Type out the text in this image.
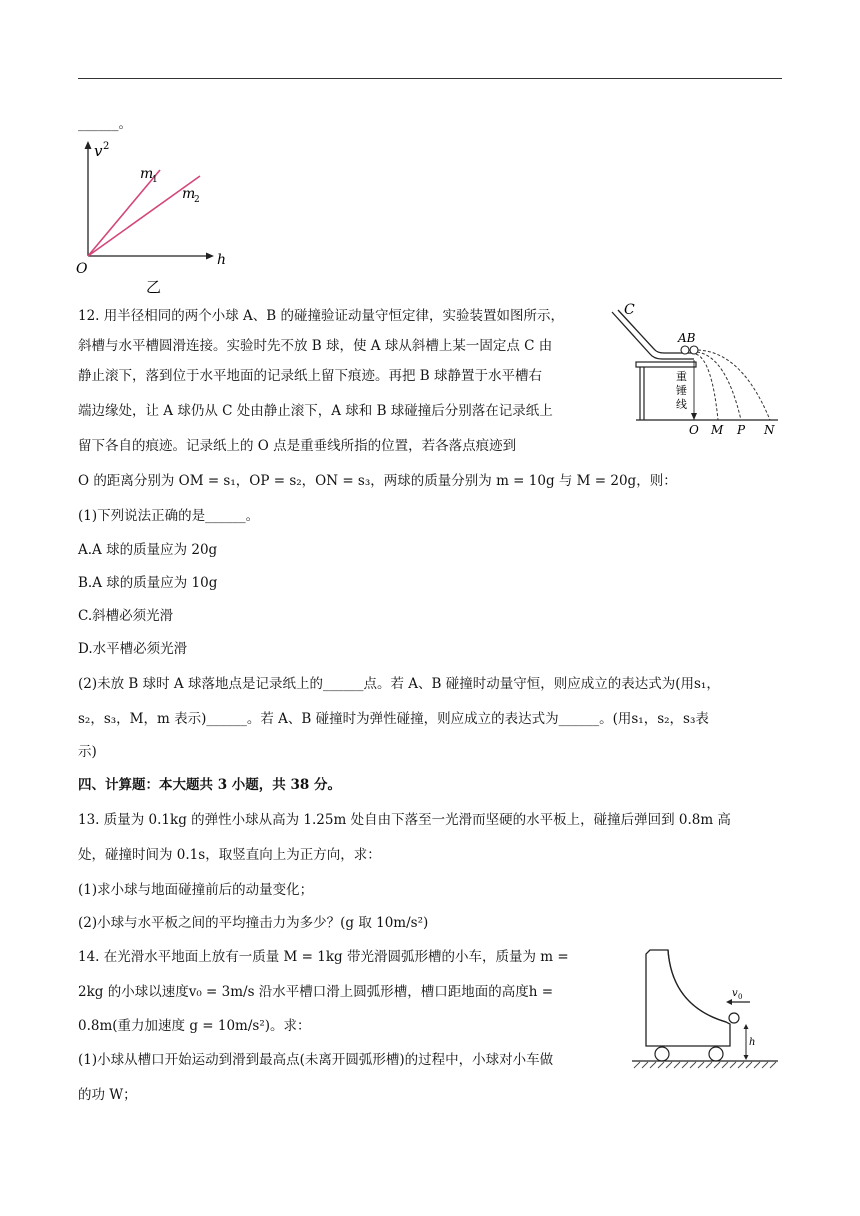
______。
v 2
h
O
m
1
m
2
乙
12. 用半径相同的两个小球 A、B 的碰撞验证动量守恒定律，实验装置如图所示，
斜槽与水平槽圆滑连接。实验时先不放 B 球，使 A 球从斜槽上某一固定点 C 由
静止滚下，落到位于水平地面的记录纸上留下痕迹。再把 B 球静置于水平槽右
端边缘处，让 A 球仍从 C 处由静止滚下，A 球和 B 球碰撞后分别落在记录纸上
留下各自的痕迹。记录纸上的 O 点是重垂线所指的位置，若各落点痕迹到
O 的距离分别为 OM = s₁，OP = s₂，ON = s₃，两球的质量分别为 m = 10g 与 M = 20g，则：
(1)下列说法正确的是______。
A.A 球的质量应为 20g
B.A 球的质量应为 10g
C.斜槽必须光滑
D.水平槽必须光滑
(2)未放 B 球时 A 球落地点是记录纸上的______点。若 A、B 碰撞时动量守恒，则应成立的表达式为(用s₁，
s₂，s₃，M，m 表示)______。若 A、B 碰撞时为弹性碰撞，则应成立的表达式为______。(用s₁，s₂，s₃表
示)
C
AB
重
锤
线
O M P N
四、计算题：本大题共 3 小题，共 38 分。
13. 质量为 0.1kg 的弹性小球从高为 1.25m 处自由下落至一光滑而坚硬的水平板上，碰撞后弹回到 0.8m 高
处，碰撞时间为 0.1s，取竖直向上为正方向，求：
(1)求小球与地面碰撞前后的动量变化；
(2)小球与水平板之间的平均撞击力为多少？(g 取 10m/s²)
14. 在光滑水平地面上放有一质量 M = 1kg 带光滑圆弧形槽的小车，质量为 m =
2kg 的小球以速度v₀ = 3m/s 沿水平槽口滑上圆弧形槽，槽口距地面的高度h =
0.8m(重力加速度 g = 10m/s²)。求：
(1)小球从槽口开始运动到滑到最高点(未离开圆弧形槽)的过程中，小球对小车做
的功 W；
v 0
h
